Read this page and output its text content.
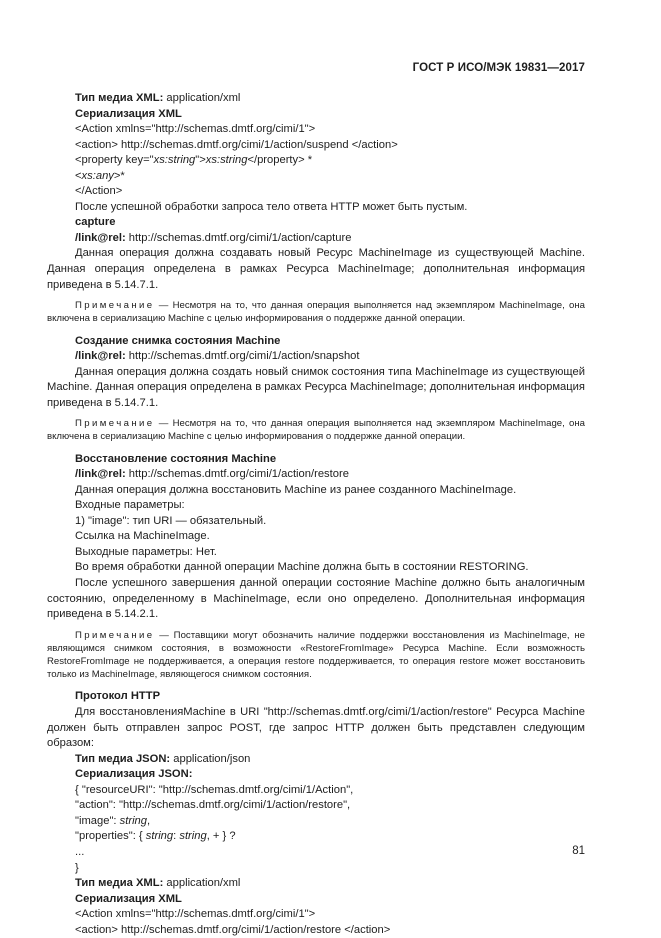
ГОСТ Р ИСО/МЭК 19831—2017
Тип медиа XML: application/xml
Сериализация XML
<Action xmlns="http://schemas.dmtf.org/cimi/1">
<action> http://schemas.dmtf.org/cimi/1/action/suspend </action>
<property key="xs:string">xs:string</property> *
<xs:any>*
</Action>
После успешной обработки запроса тело ответа HTTP может быть пустым.
capture
/link@rel: http://schemas.dmtf.org/cimi/1/action/capture
Данная операция должна создавать новый Ресурс MachineImage из существующей Machine. Данная операция определена в рамках Ресурса MachineImage; дополнительная информация приведена в 5.14.7.1.
Примечание — Несмотря на то, что данная операция выполняется над экземпляром MachineImage, она включена в сериализацию Machine с целью информирования о поддержке данной операции.
Создание снимка состояния Machine
/link@rel: http://schemas.dmtf.org/cimi/1/action/snapshot
Данная операция должна создать новый снимок состояния типа MachineImage из существующей Machine. Данная операция определена в рамках Ресурса MachineImage; дополнительная информация приведена в 5.14.7.1.
Примечание — Несмотря на то, что данная операция выполняется над экземпляром MachineImage, она включена в сериализацию Machine с целью информирования о поддержке данной операции.
Восстановление состояния Machine
/link@rel: http://schemas.dmtf.org/cimi/1/action/restore
Данная операция должна восстановить Machine из ранее созданного MachineImage.
Входные параметры:
1) "image": тип URI — обязательный.
Ссылка на MachineImage.
Выходные параметры: Нет.
Во время обработки данной операции Machine должна быть в состоянии RESTORING.
После успешного завершения данной операции состояние Machine должно быть аналогичным состоянию, определенному в MachineImage, если оно определено. Дополнительная информация приведена в 5.14.2.1.
Примечание — Поставщики могут обозначить наличие поддержки восстановления из MachineImage, не являющимся снимком состояния, в возможности «RestoreFromImage» Ресурса Machine. Если возможность RestoreFromImage не поддерживается, а операция restore поддерживается, то операция restore может восстановить только из MachineImage, являющегося снимком состояния.
Протокол HTTP
Для восстановленияMachine в URI "http://schemas.dmtf.org/cimi/1/action/restore" Ресурса Machine должен быть отправлен запрос POST, где запрос HTTP должен быть представлен следующим образом:
Тип медиа JSON: application/json
Сериализация JSON:
{ "resourceURI": "http://schemas.dmtf.org/cimi/1/Action",
"action": "http://schemas.dmtf.org/cimi/1/action/restore",
"image": string,
"properties": { string: string, + } ?
...
}
Тип медиа XML: application/xml
Сериализация XML
<Action xmlns="http://schemas.dmtf.org/cimi/1">
<action> http://schemas.dmtf.org/cimi/1/action/restore </action>
81
